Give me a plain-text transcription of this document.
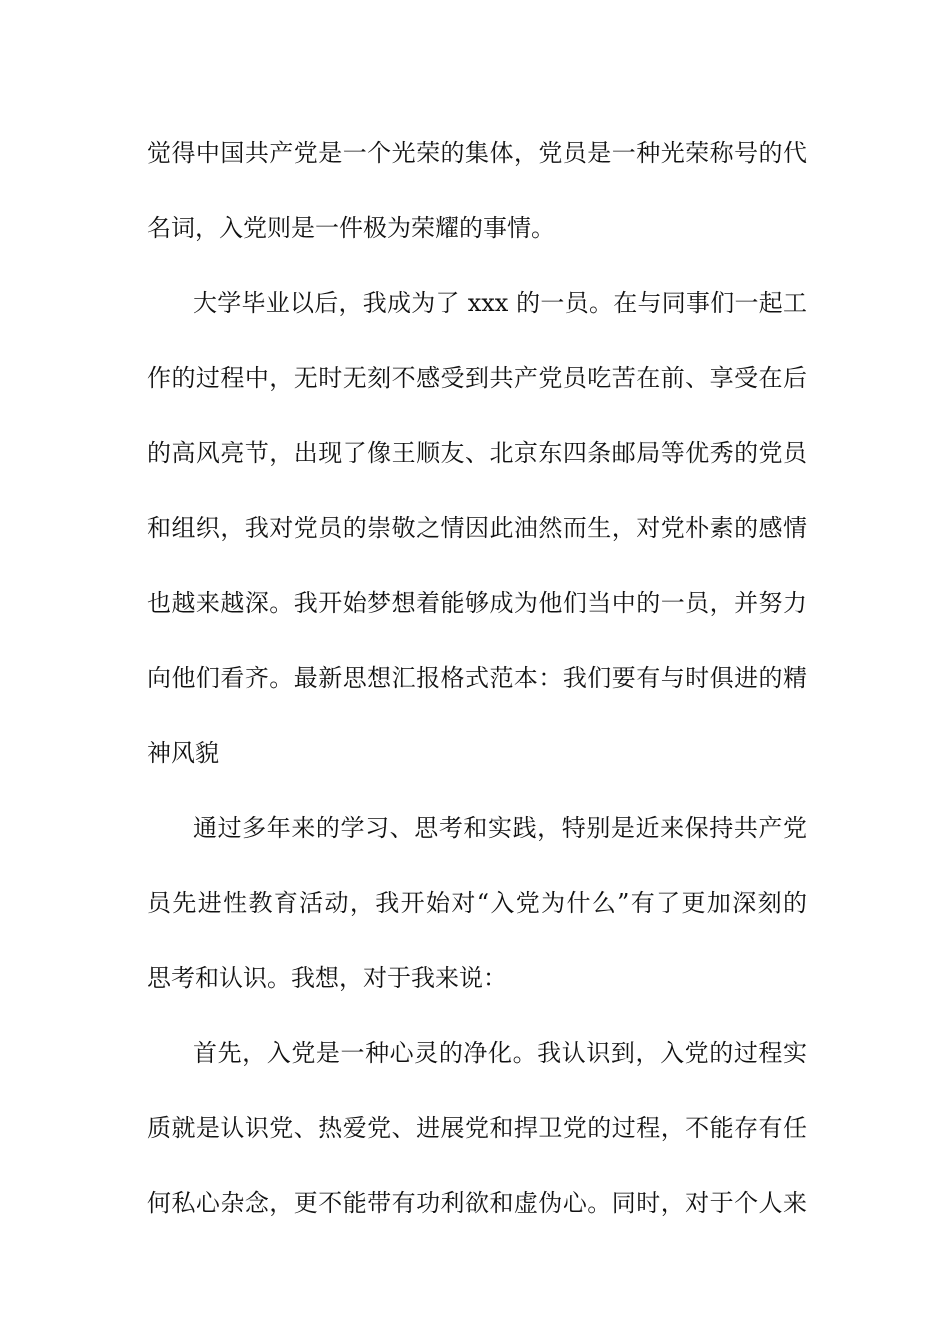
觉得中国共产党是一个光荣的集体，党员是一种光荣称号的代
名词，入党则是一件极为荣耀的事情。
大学毕业以后，我成为了 xxx 的一员。在与同事们一起工
作的过程中，无时无刻不感受到共产党员吃苦在前、享受在后
的高风亮节，出现了像王顺友、北京东四条邮局等优秀的党员
和组织，我对党员的崇敬之情因此油然而生，对党朴素的感情
也越来越深。我开始梦想着能够成为他们当中的一员，并努力
向他们看齐。最新思想汇报格式范本：我们要有与时俱进的精
神风貌
通过多年来的学习、思考和实践，特别是近来保持共产党
员先进性教育活动，我开始对“入党为什么”有了更加深刻的
思考和认识。我想，对于我来说：
首先，入党是一种心灵的净化。我认识到，入党的过程实
质就是认识党、热爱党、进展党和捍卫党的过程，不能存有任
何私心杂念，更不能带有功利欲和虚伪心。同时，对于个人来
